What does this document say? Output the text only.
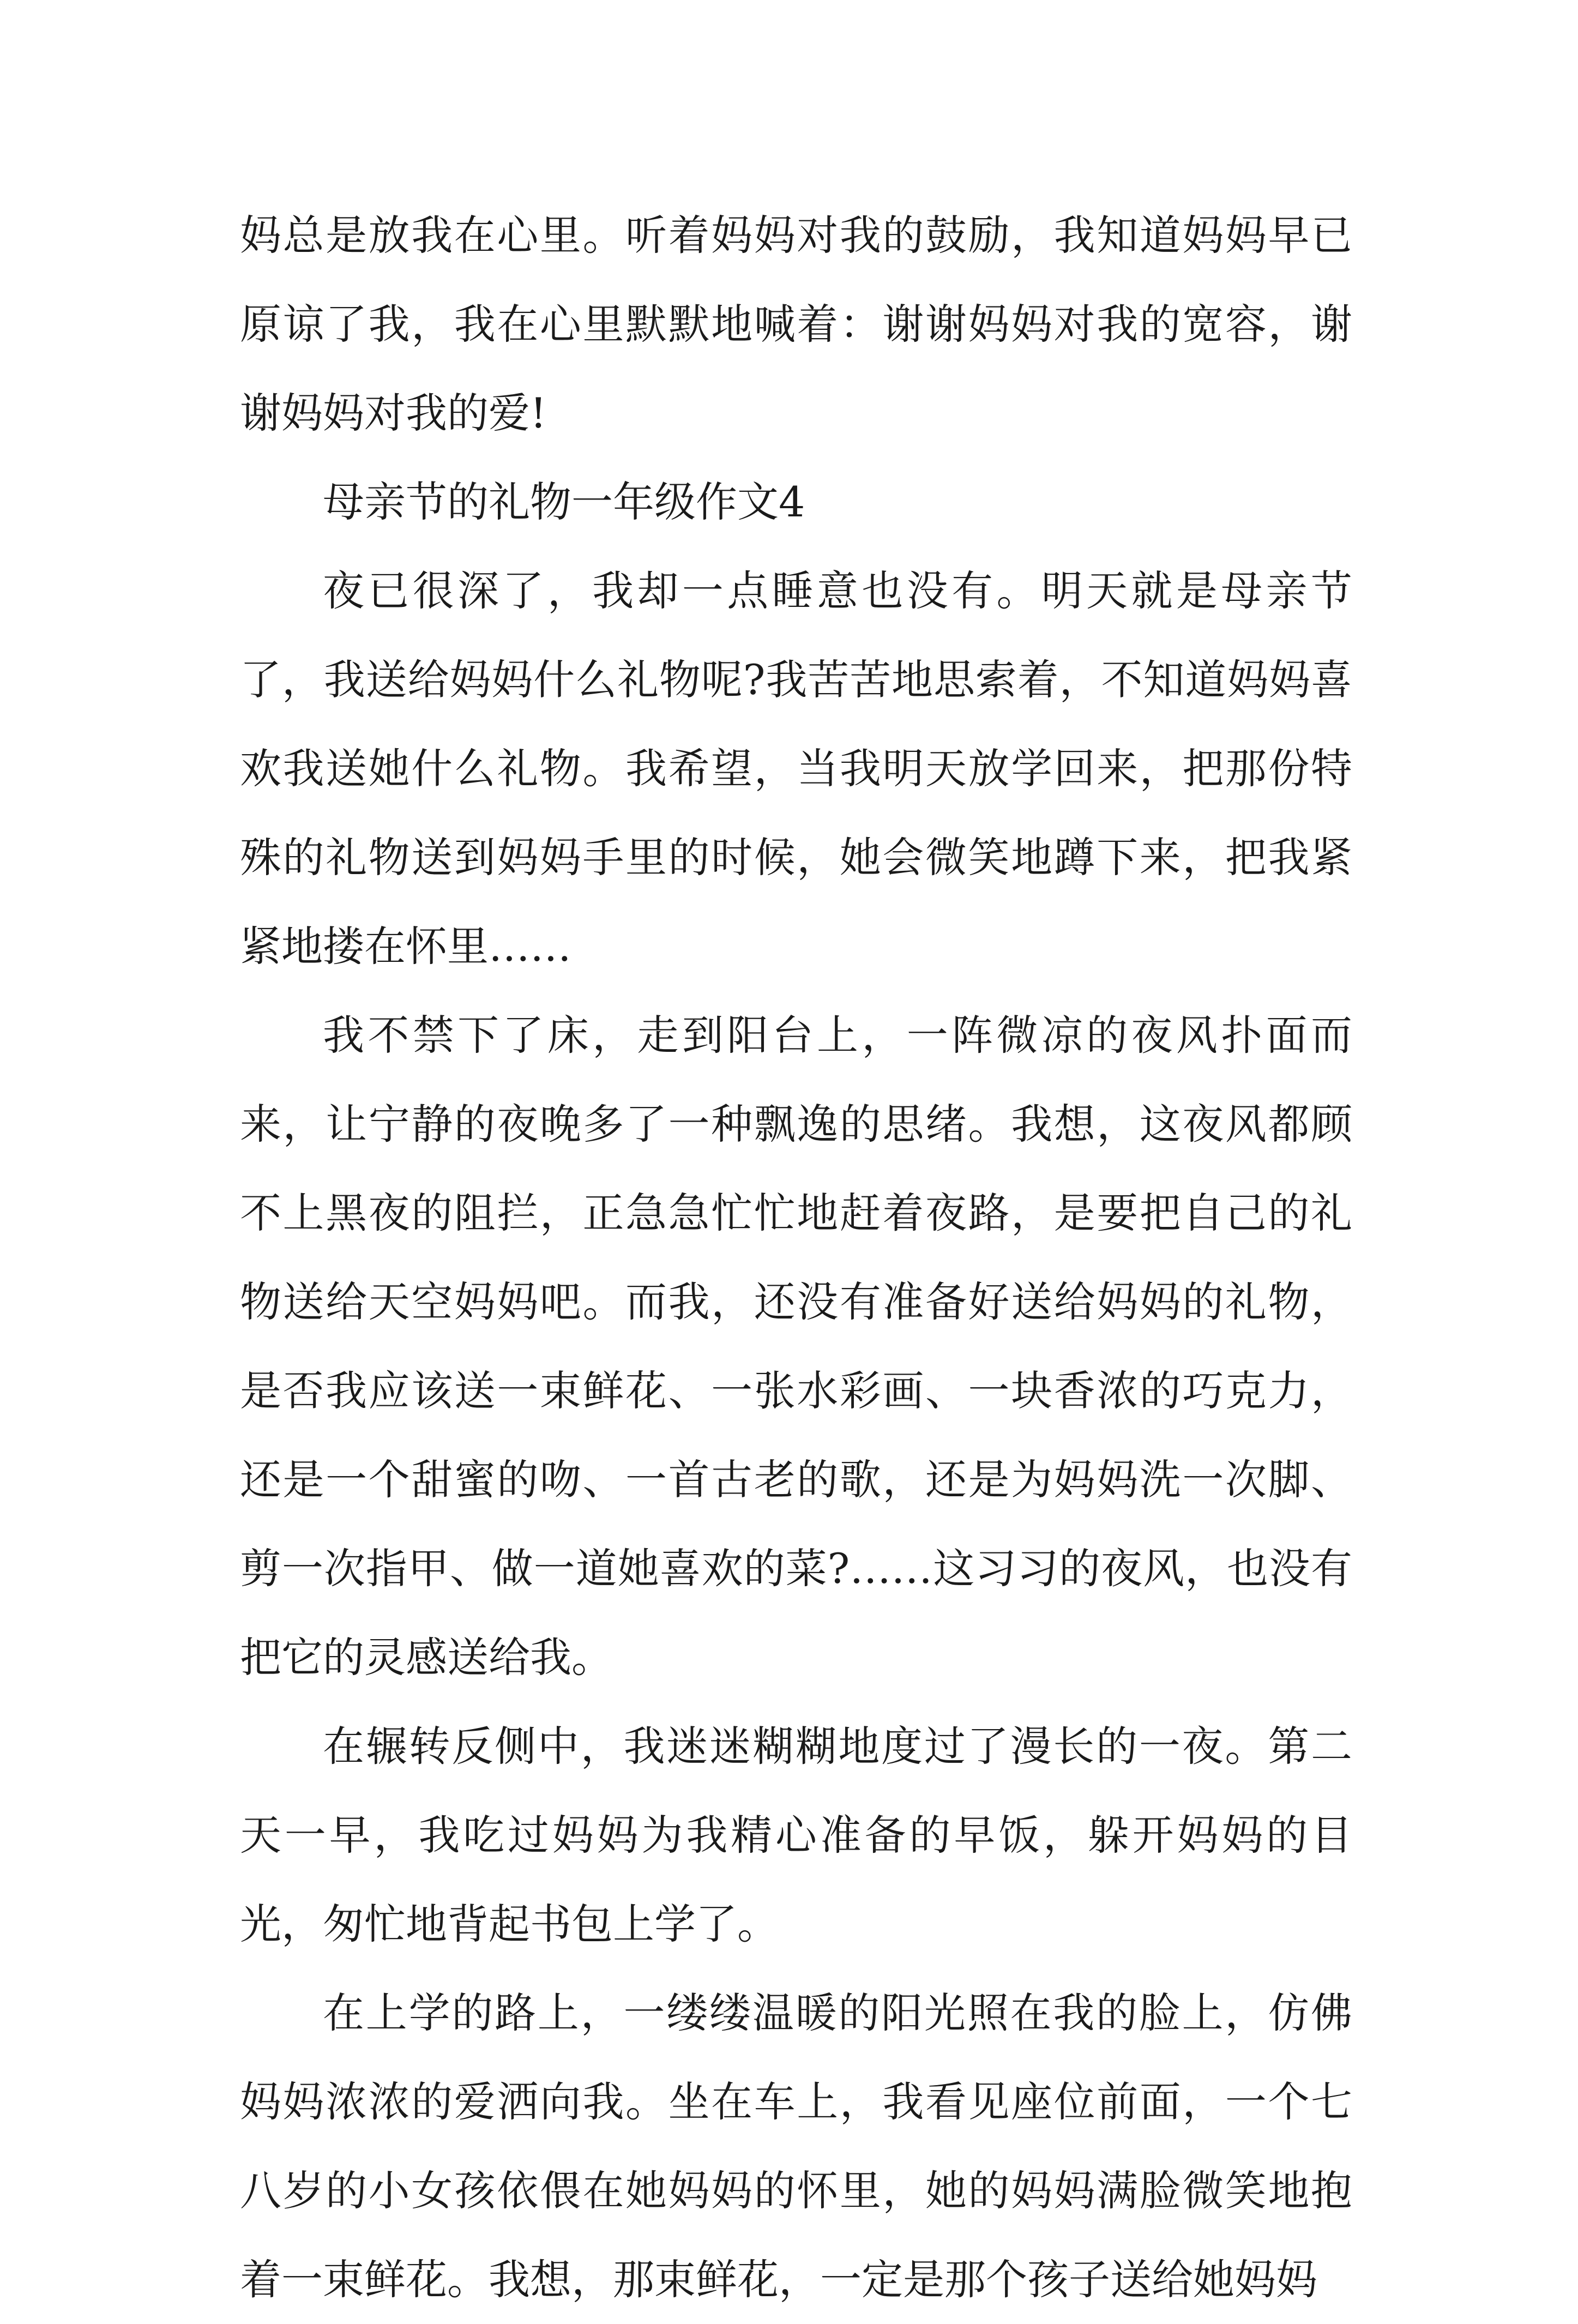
妈总是放我在心里。听着妈妈对我的鼓励，我知道妈妈早已原谅了我，我在心里默默地喊着：谢谢妈妈对我的宽容，谢谢妈妈对我的爱!

母亲节的礼物一年级作文4

夜已很深了，我却一点睡意也没有。明天就是母亲节了，我送给妈妈什么礼物呢?我苦苦地思索着，不知道妈妈喜欢我送她什么礼物。我希望，当我明天放学回来，把那份特殊的礼物送到妈妈手里的时候，她会微笑地蹲下来，把我紧紧地搂在怀里……

我不禁下了床，走到阳台上，一阵微凉的夜风扑面而来，让宁静的夜晚多了一种飘逸的思绪。我想，这夜风都顾不上黑夜的阻拦，正急急忙忙地赶着夜路，是要把自己的礼物送给天空妈妈吧。而我，还没有准备好送给妈妈的礼物，是否我应该送一束鲜花、一张水彩画、一块香浓的巧克力，还是一个甜蜜的吻、一首古老的歌，还是为妈妈洗一次脚、剪一次指甲、做一道她喜欢的菜?……这习习的夜风，也没有把它的灵感送给我。

在辗转反侧中，我迷迷糊糊地度过了漫长的一夜。第二天一早，我吃过妈妈为我精心准备的早饭，躲开妈妈的目光，匆忙地背起书包上学了。

在上学的路上，一缕缕温暖的阳光照在我的脸上，仿佛妈妈浓浓的爱洒向我。坐在车上，我看见座位前面，一个七八岁的小女孩依偎在她妈妈的怀里，她的妈妈满脸微笑地抱着一束鲜花。我想，那束鲜花，一定是那个孩子送给她妈妈
